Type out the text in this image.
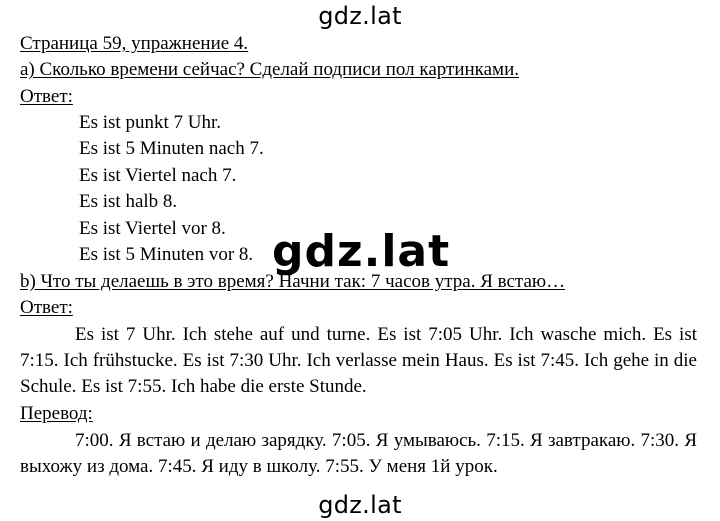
gdz.lat
Страница 59, упражнение 4.
a) Сколько времени сейчас? Сделай подписи пол картинками.
Ответ:
Es ist punkt 7 Uhr.
Es ist 5 Minuten nach 7.
Es ist Viertel nach 7.
Es ist halb 8.
Es ist Viertel vor 8.
Es ist 5 Minuten vor 8.
b) Что ты делаешь в это время? Начни так: 7 часов утра. Я встаю…
Ответ:
Es ist 7 Uhr. Ich stehe auf und turne. Es ist 7:05 Uhr. Ich wasche mich. Es ist 7:15. Ich frühstucke. Es ist 7:30 Uhr. Ich verlasse mein Haus. Es ist 7:45. Ich gehe in die Schule. Es ist 7:55. Ich habe die erste Stunde.
Перевод:
7:00. Я встаю и делаю зарядку. 7:05. Я умываюсь. 7:15. Я завтракаю. 7:30. Я выхожу из дома. 7:45. Я иду в школу. 7:55. У меня 1й урок.
gdz.lat
gdz.lat
